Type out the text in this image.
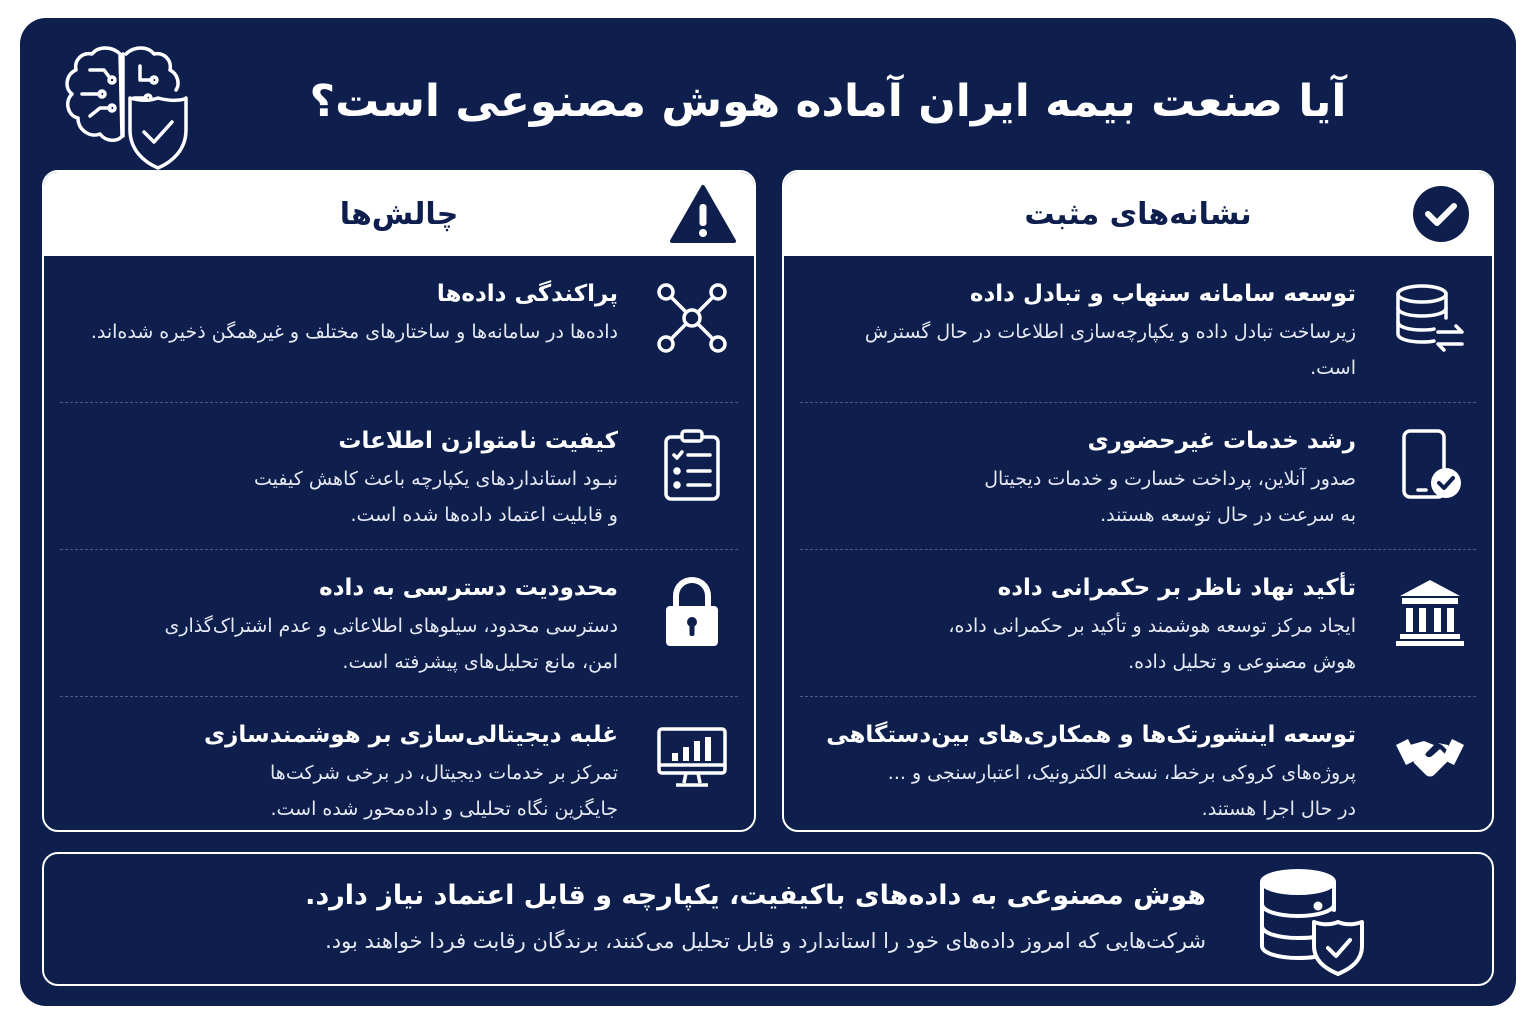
آیا صنعت بیمه ایران آماده هوش مصنوعی است؟
نشانه‌های مثبت
توسعه سامانه سنهاب و تبادل داده
زیرساخت تبادل داده و یکپارچه‌سازی اطلاعات در حال گسترش است.
رشد خدمات غیرحضوری
صدور آنلاین، پرداخت خسارت و خدمات دیجیتال
به سرعت در حال توسعه هستند.
تأکید نهاد ناظر بر حکمرانی داده
ایجاد مرکز توسعه هوشمند و تأکید بر حکمرانی داده،
هوش مصنوعی و تحلیل داده.
توسعه اینشورتک‌ها و همکاری‌های بین‌دستگاهی
پروژه‌های کروکی برخط، نسخه الکترونیک، اعتبارسنجی و ...
در حال اجرا هستند.
چالش‌ها
پراکندگی داده‌ها
داده‌ها در سامانه‌ها و ساختارهای مختلف و غیرهمگن ذخیره شده‌اند.
کیفیت نامتوازن اطلاعات
نبـود استانداردهای یکپارچه باعث کاهش کیفیت
و قابلیت اعتماد داده‌ها شده است.
محدودیت دسترسی به داده
دسترسی محدود، سیلوهای اطلاعاتی و عدم اشتراک‌گذاری
امن، مانع تحلیل‌های پیشرفته است.
غلبه دیجیتالی‌سازی بر هوشمندسازی
تمرکز بر خدمات دیجیتال، در برخی شرکت‌ها
جایگزین نگاه تحلیلی و داده‌محور شده است.
هوش مصنوعی به داده‌های باکیفیت، یکپارچه و قابل اعتماد نیاز دارد.
شرکت‌هایی که امروز داده‌های خود را استاندارد و قابل تحلیل می‌کنند، برندگان رقابت فردا خواهند بود.
